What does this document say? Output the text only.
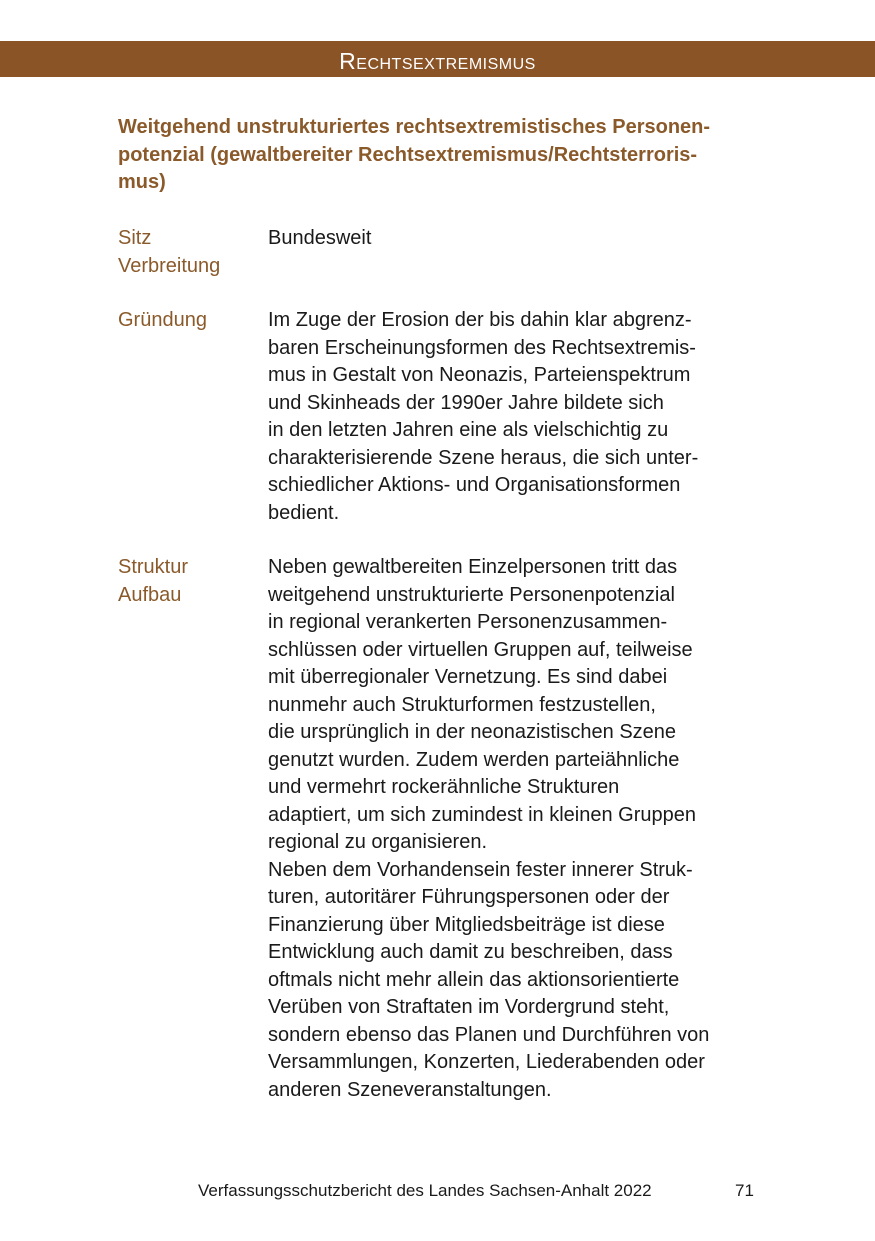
Rechtsextremismus
Weitgehend unstrukturiertes rechtsextremistisches Personen-
potenzial (gewaltbereiter Rechtsextremismus/Rechtsterroris-
mus)
Sitz
Verbreitung
Bundesweit
Gründung	Im Zuge der Erosion der bis dahin klar abgrenz-
baren Erscheinungsformen des Rechtsextremis-
mus in Gestalt von Neonazis, Parteienspektrum
und Skinheads der 1990er Jahre bildete sich
in den letzten Jahren eine als vielschichtig zu
charakterisierende Szene heraus, die sich unter-
schiedlicher Aktions- und Organisationsformen
bedient.
Struktur
Aufbau
Neben gewaltbereiten Einzelpersonen tritt das
weitgehend unstrukturierte Personenpotenzial
in regional verankerten Personenzusammen-
schlüssen oder virtuellen Gruppen auf, teilweise
mit überregionaler Vernetzung. Es sind dabei
nunmehr auch Strukturformen festzustellen,
die ursprünglich in der neonazistischen Szene
genutzt wurden. Zudem werden parteiähnliche
und vermehrt rockerähnliche Strukturen
adaptiert, um sich zumindest in kleinen Gruppen
regional zu organisieren.
Neben dem Vorhandensein fester innerer Struk-
turen, autoritärer Führungspersonen oder der
Finanzierung über Mitgliedsbeiträge ist diese
Entwicklung auch damit zu beschreiben, dass
oftmals nicht mehr allein das aktionsorientierte
Verüben von Straftaten im Vordergrund steht,
sondern ebenso das Planen und Durchführen von
Versammlungen, Konzerten, Liederabenden oder
anderen Szeneveranstaltungen.
Verfassungsschutzbericht des Landes Sachsen-Anhalt 2022	71
